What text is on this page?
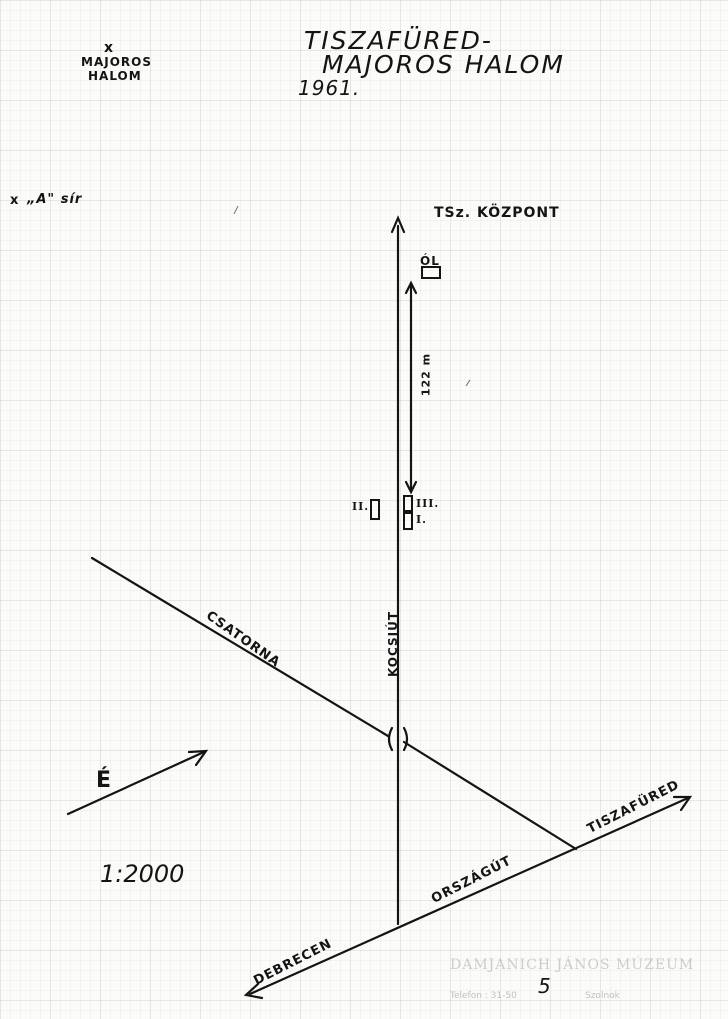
TISZAFÜRED-

MAJOROS HALOM

1961.

x

MAJOROS

HALOM

x „A" sír

TSz. KÖZPONT

ÓL

122 m

II.	III.

I.

CSATORNA	KOCSIÚT

ORSZÁGÚT

TISZAFÜRED

DEBRECEN

É

1:2000

DAMJANICH JÁNOS MÚZEUM

Telefon : 31-50	Szolnok

5
